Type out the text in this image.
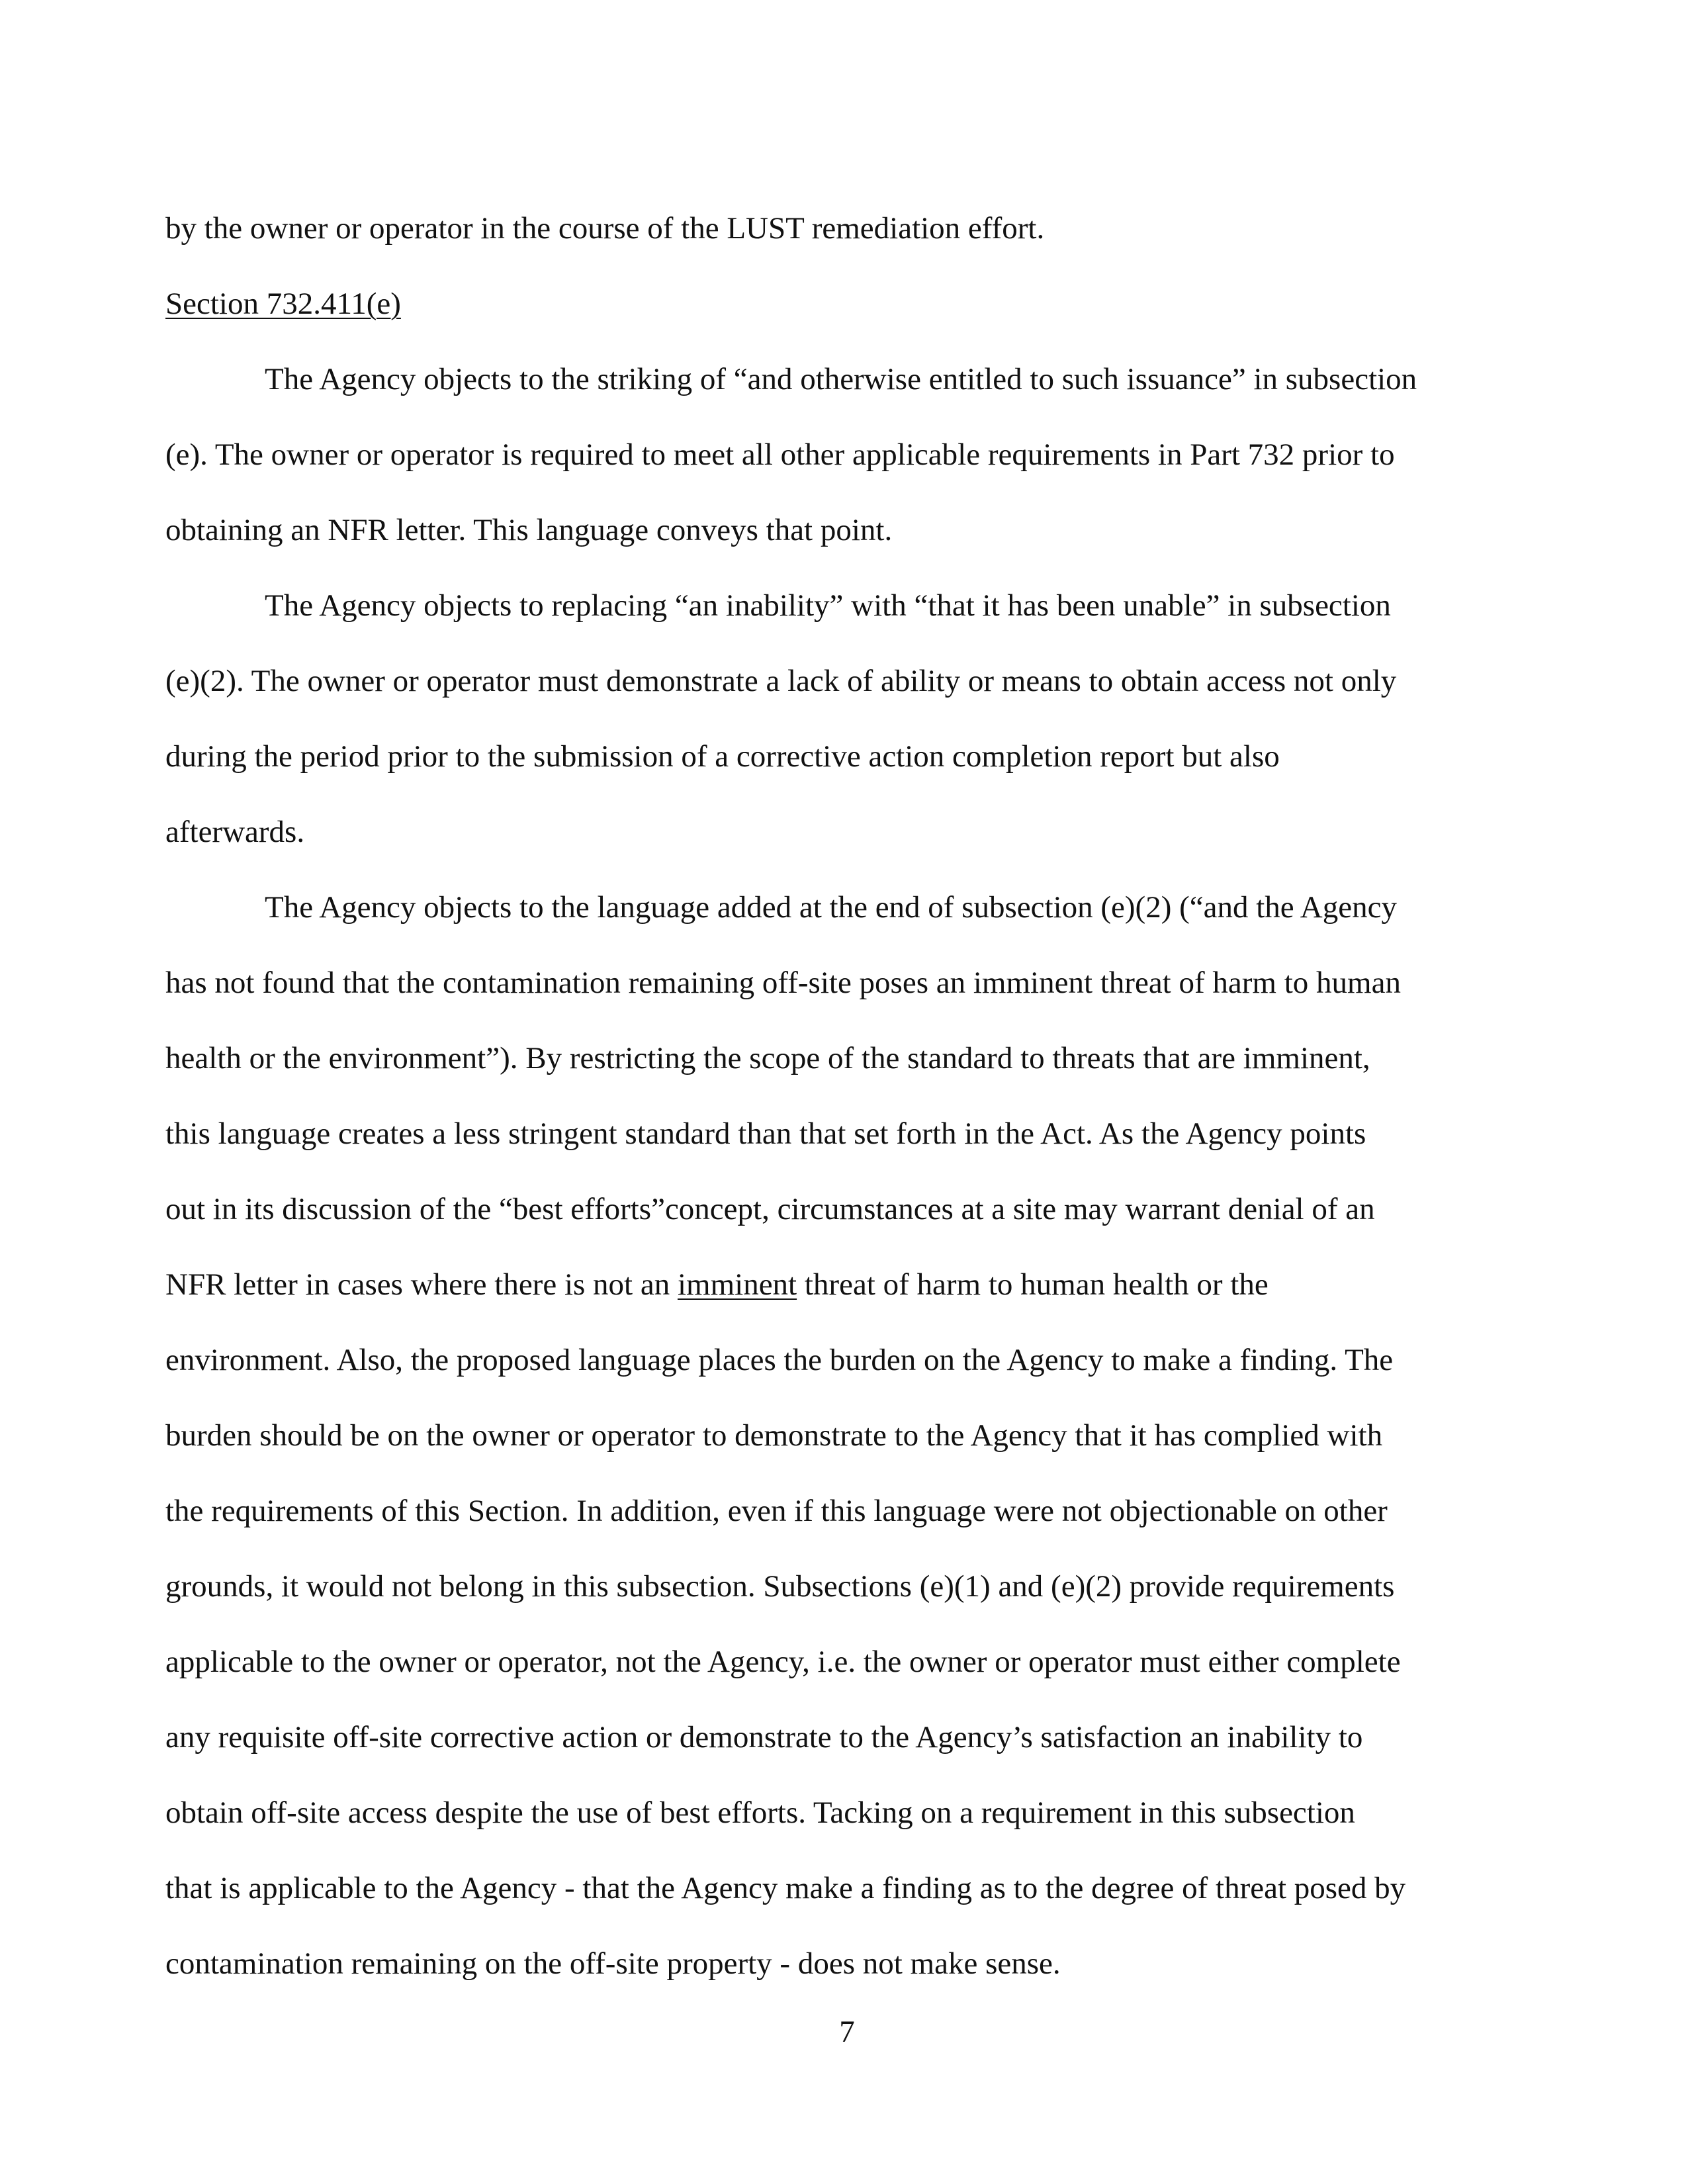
by the owner or operator in the course of the LUST remediation effort.

Section 732.411(e)

The Agency objects to the striking of “and otherwise entitled to such issuance” in subsection

(e). The owner or operator is required to meet all other applicable requirements in Part 732 prior to

obtaining an NFR letter. This language conveys that point.

The Agency objects to replacing “an inability” with “that it has been unable” in subsection

(e)(2). The owner or operator must demonstrate a lack of ability or means to obtain access not only

during the period prior to the submission of a corrective action completion report but also

afterwards.

The Agency objects to the language added at the end of subsection (e)(2) (“and the Agency

has not found that the contamination remaining off-site poses an imminent threat of harm to human

health or the environment”). By restricting the scope of the standard to threats that are imminent,

this language creates a less stringent standard than that set forth in the Act. As the Agency points

out in its discussion of the “best efforts”concept, circumstances at a site may warrant denial of an

NFR letter in cases where there is not an imminent threat of harm to human health or the

environment. Also, the proposed language places the burden on the Agency to make a finding. The

burden should be on the owner or operator to demonstrate to the Agency that it has complied with

the requirements of this Section. In addition, even if this language were not objectionable on other

grounds, it would not belong in this subsection. Subsections (e)(1) and (e)(2) provide requirements

applicable to the owner or operator, not the Agency, i.e. the owner or operator must either complete

any requisite off-site corrective action or demonstrate to the Agency’s satisfaction an inability to

obtain off-site access despite the use of best efforts. Tacking on a requirement in this subsection

that is applicable to the Agency - that the Agency make a finding as to the degree of threat posed by

contamination remaining on the off-site property - does not make sense.

7
